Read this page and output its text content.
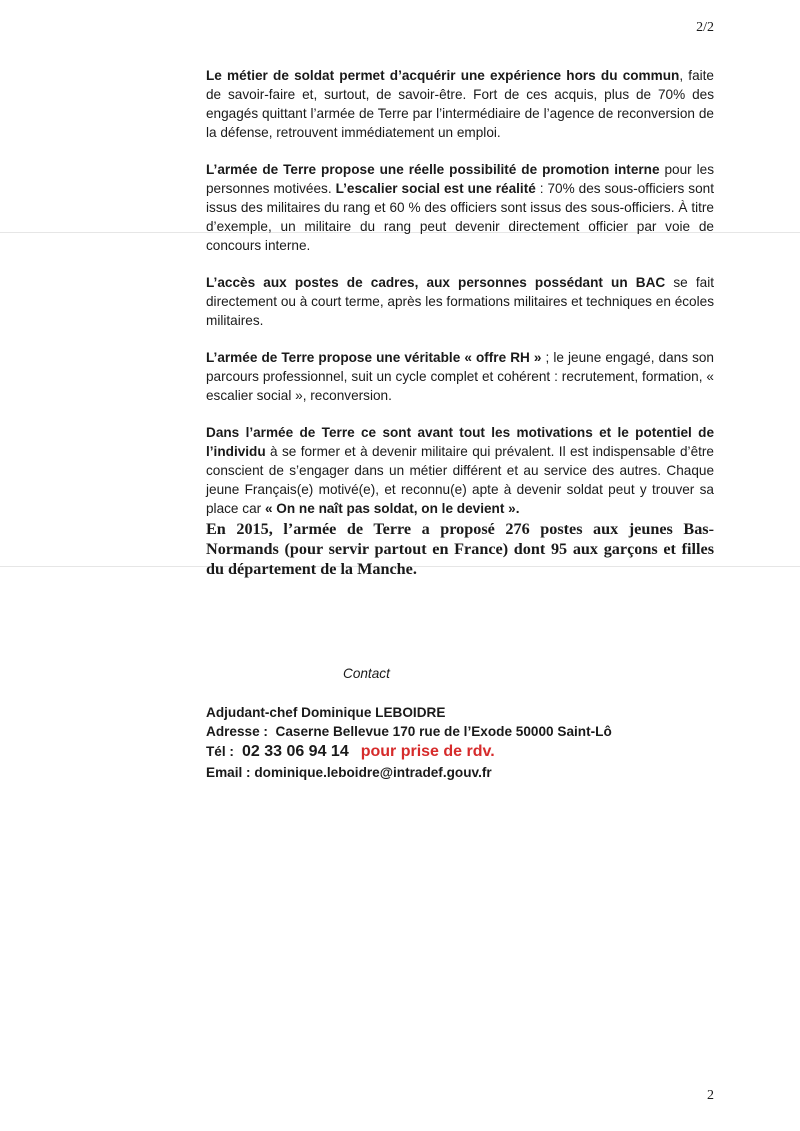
2/2

Le métier de soldat permet d’acquérir une expérience hors du commun, faite de savoir-faire et, surtout, de savoir-être. Fort de ces acquis, plus de 70% des engagés quittant l’armée de Terre par l’intermédiaire de l’agence de reconversion de la défense, retrouvent immédiatement un emploi.

L’armée de Terre propose une réelle possibilité de promotion interne pour les personnes motivées. L’escalier social est une réalité : 70% des sous-officiers sont issus des militaires du rang et 60 % des officiers sont issus des sous-officiers. À titre d’exemple, un militaire du rang peut devenir directement officier par voie de concours interne.

L’accès aux postes de cadres, aux personnes possédant un BAC se fait directement ou à court terme, après les formations militaires et techniques en écoles militaires.

L’armée de Terre propose une véritable « offre RH » ; le jeune engagé, dans son parcours professionnel, suit un cycle complet et cohérent : recrutement, formation, « escalier social », reconversion.

Dans l’armée de Terre ce sont avant tout les motivations et le potentiel de l’individu à se former et à devenir militaire qui prévalent. Il est indispensable d’être conscient de s’engager dans un métier différent et au service des autres. Chaque jeune Français(e) motivé(e), et reconnu(e) apte à devenir soldat peut y trouver sa place car « On ne naît pas soldat, on le devient ».

En 2015, l’armée de Terre a proposé 276 postes aux jeunes Bas-Normands (pour servir partout en France) dont 95 aux garçons et filles du département de la Manche.

Contact
Adjudant-chef Dominique LEBOIDRE
Adresse : Caserne Bellevue 170 rue de l’Exode 50000 Saint-Lô
Tél : 02 33 06 94 14 pour prise de rdv.
Email : dominique.leboidre@intradef.gouv.fr
2
